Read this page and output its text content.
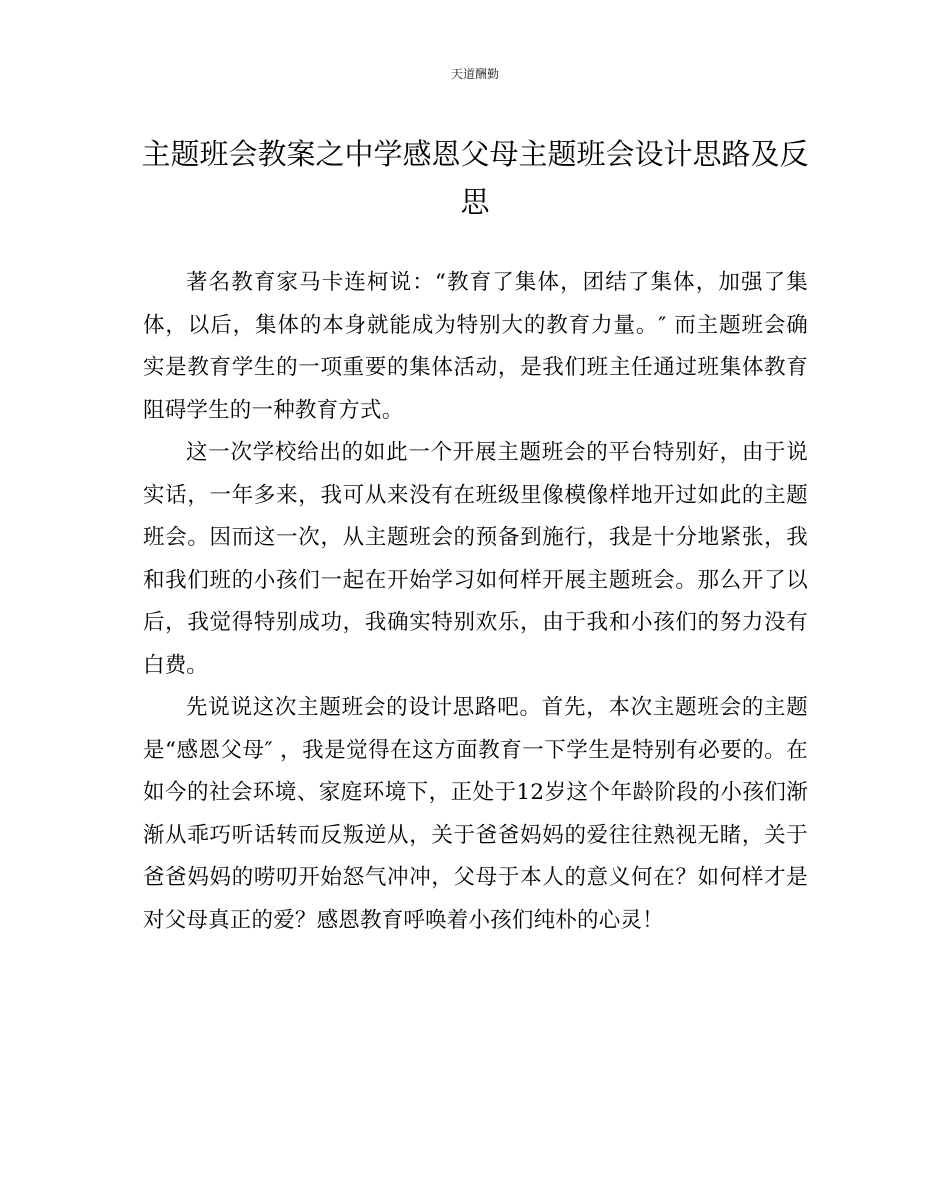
天道酬勤
主题班会教案之中学感恩父母主题班会设计思路及反思

著名教育家马卡连柯说：“教育了集体，团结了集体，加强了集体，以后，集体的本身就能成为特别大的教育力量。″ 而主题班会确实是教育学生的一项重要的集体活动，是我们班主任通过班集体教育阻碍学生的一种教育方式。

这一次学校给出的如此一个开展主题班会的平台特别好，由于说实话，一年多来，我可从来没有在班级里像模像样地开过如此的主题班会。因而这一次，从主题班会的预备到施行，我是十分地紧张，我和我们班的小孩们一起在开始学习如何样开展主题班会。那么开了以后，我觉得特别成功，我确实特别欢乐，由于我和小孩们的努力没有白费。

先说说这次主题班会的设计思路吧。首先，本次主题班会的主题是“感恩父母″ ，我是觉得在这方面教育一下学生是特别有必要的。在如今的社会环境、家庭环境下，正处于12岁这个年龄阶段的小孩们渐渐从乖巧听话转而反叛逆从，关于爸爸妈妈的爱往往熟视无睹，关于爸爸妈妈的唠叨开始怒气冲冲，父母于本人的意义何在？如何样才是对父母真正的爱？感恩教育呼唤着小孩们纯朴的心灵！
